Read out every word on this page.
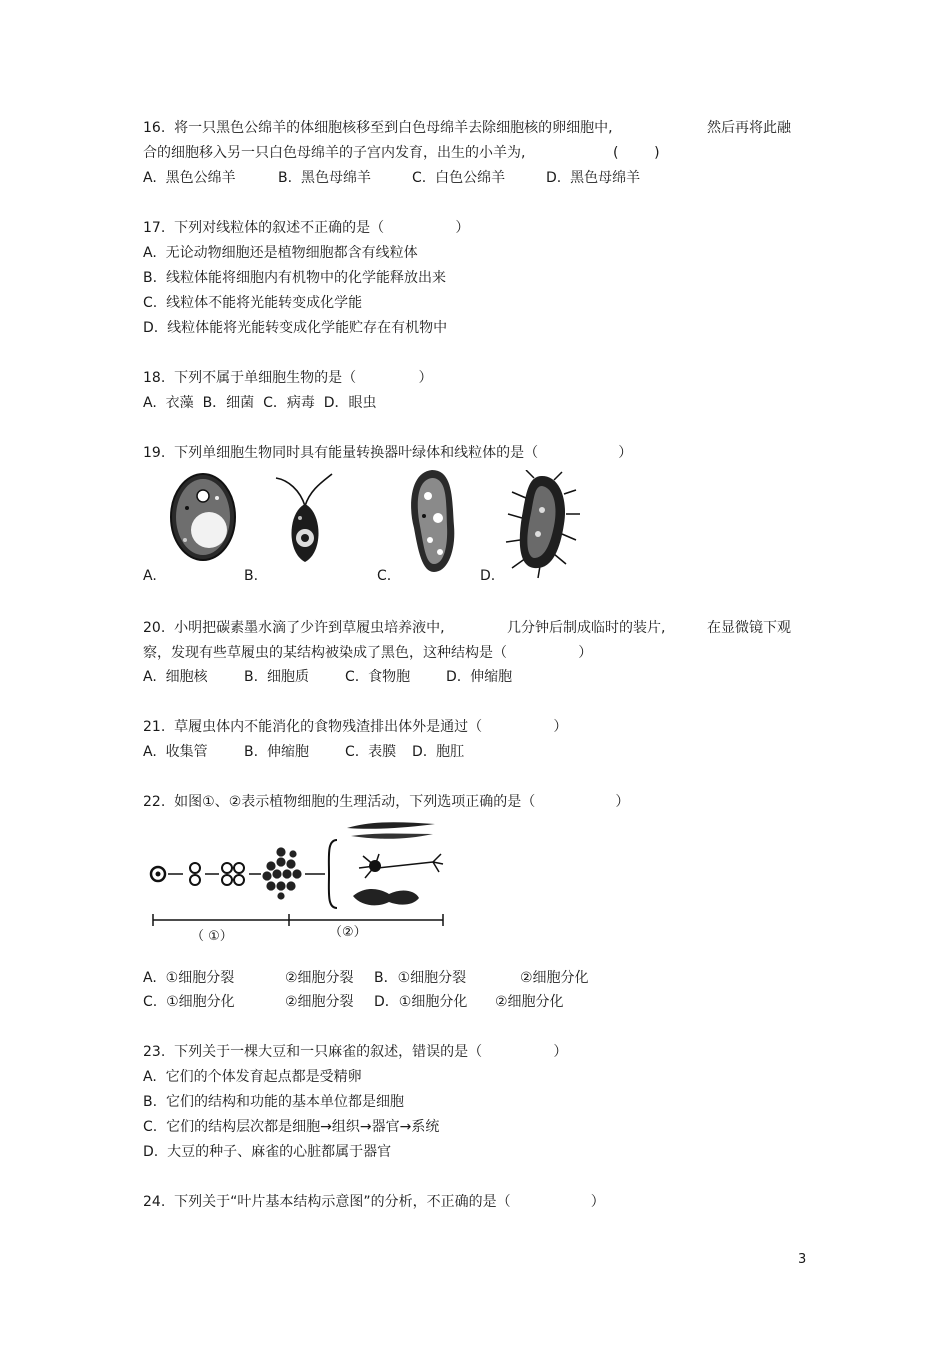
16.  将一只黑色公绵羊的体细胞核移至到白色母绵羊去除细胞核的卵细胞中,	然后再将此融
合的细胞移入另一只白色母绵羊的子宫内发育，出生的小羊为,	(        )
A.  黑色公绵羊	B.  黑色母绵羊	C.  白色公绵羊	D.  黑色母绵羊
17.  下列对线粒体的叙述不正确的是（                ）
A.  无论动物细胞还是植物细胞都含有线粒体
B.  线粒体能将细胞内有机物中的化学能释放出来
C.  线粒体不能将光能转变成化学能
D.  线粒体能将光能转变成化学能贮存在有机物中
18.  下列不属于单细胞生物的是（              ）
A.  衣藻  B．细菌  C．病毒  D．眼虫
19.  下列单细胞生物同时具有能量转换器叶绿体和线粒体的是（                  ）
A.	B.	C.	D.
20.  小明把碳素墨水滴了少许到草履虫培养液中,	几分钟后制成临时的装片,	在显微镜下观
察，发现有些草履虫的某结构被染成了黑色，这种结构是（                ）
A.  细胞核	B.  细胞质	C.  食物胞	D.  伸缩胞
21.  草履虫体内不能消化的食物残渣排出体外是通过（                ）
A.  收集管	B.  伸缩胞	C.  表膜 D.  胞肛
22.  如图①、②表示植物细胞的生理活动，下列选项正确的是（                  ）
（ ①）	（②）
A.  ①细胞分裂	②细胞分裂 B．①细胞分裂	②细胞分化
C.  ①细胞分化	②细胞分裂 D．①细胞分化 ②细胞分化
23.  下列关于一棵大豆和一只麻雀的叙述，错误的是（                ）
A.  它们的个体发育起点都是受精卵
B.  它们的结构和功能的基本单位都是细胞
C.  它们的结构层次都是细胞→组织→器官→系统
D.  大豆的种子、麻雀的心脏都属于器官
24.  下列关于“叶片基本结构示意图”的分析，不正确的是（                  ）
3
